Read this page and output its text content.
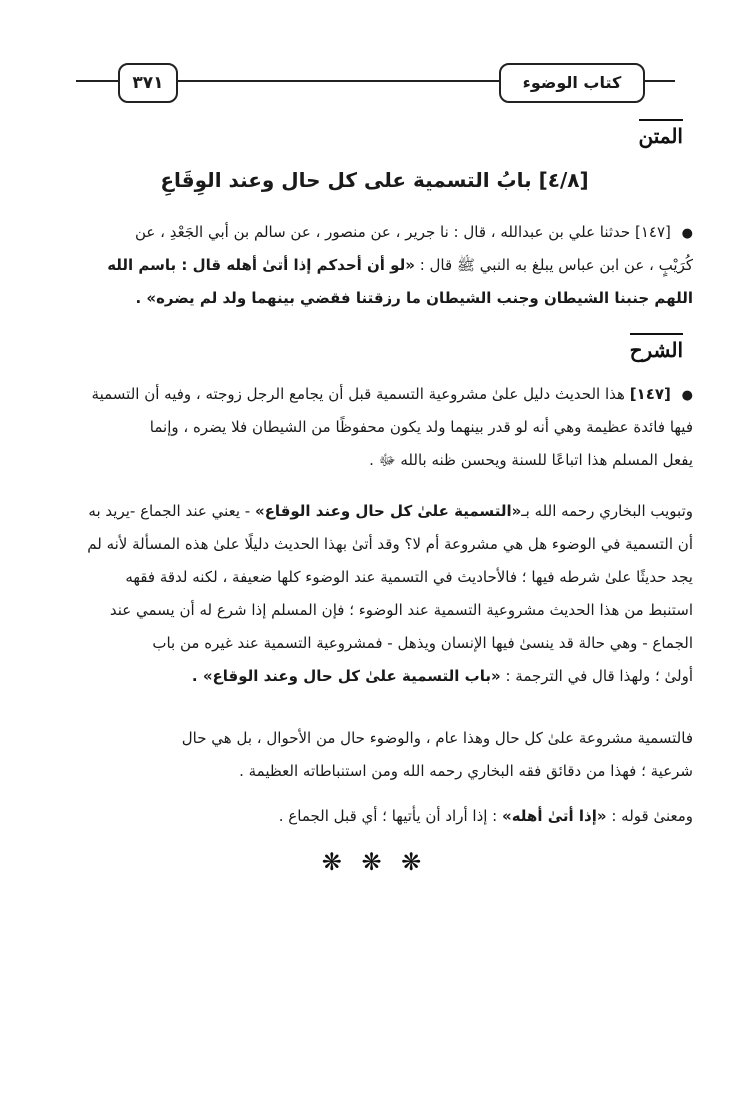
٣٧١	كتاب الوضوء
المتن
[٤/٨] بابُ التسمية على كل حال وعند الوِقَاعِ
● [١٤٧] حدثنا علي بن عبدالله ، قال : نا جرير ، عن منصور ، عن سالم بن أبي الجَعْدِ ، عن
كُرَيْبٍ ، عن ابن عباس يبلغ به النبي ﷺ قال : «لو أن أحدكم إذا أتىٰ أهله قال : باسم الله
اللهم جنبنا الشيطان وجنب الشيطان ما رزقتنا فقضي بينهما ولد لم يضره» .
الشرح
● [١٤٧] هذا الحديث دليل علىٰ مشروعية التسمية قبل أن يجامع الرجل زوجته ، وفيه أن التسمية
فيها فائدة عظيمة وهي أنه لو قدر بينهما ولد يكون محفوظًا من الشيطان فلا يضره ، وإنما
يفعل المسلم هذا اتباعًا للسنة ويحسن ظنه بالله ﷻ .
وتبويب البخاري رحمه الله بـ«التسمية علىٰ كل حال وعند الوقاع» - يعني عند الجماع -يريد به
أن التسمية في الوضوء هل هي مشروعة أم لا؟ وقد أتىٰ بهذا الحديث دليلًا علىٰ هذه المسألة لأنه لم
يجد حديثًا علىٰ شرطه فيها ؛ فالأحاديث في التسمية عند الوضوء كلها ضعيفة ، لكنه لدقة فقهه
استنبط من هذا الحديث مشروعية التسمية عند الوضوء ؛ فإن المسلم إذا شرع له أن يسمي عند
الجماع - وهي حالة قد ينسىٰ فيها الإنسان ويذهل - فمشروعية التسمية عند غيره من باب
أولىٰ ؛ ولهذا قال في الترجمة : «باب التسمية علىٰ كل حال وعند الوقاع» .
فالتسمية مشروعة علىٰ كل حال وهذا عام ، والوضوء حال من الأحوال ، بل هي حال
شرعية ؛ فهذا من دقائق فقه البخاري رحمه الله ومن استنباطاته العظيمة .
ومعنىٰ قوله : «إذا أتىٰ أهله» : إذا أراد أن يأتيها ؛ أي قبل الجماع .
❋ ❋ ❋
